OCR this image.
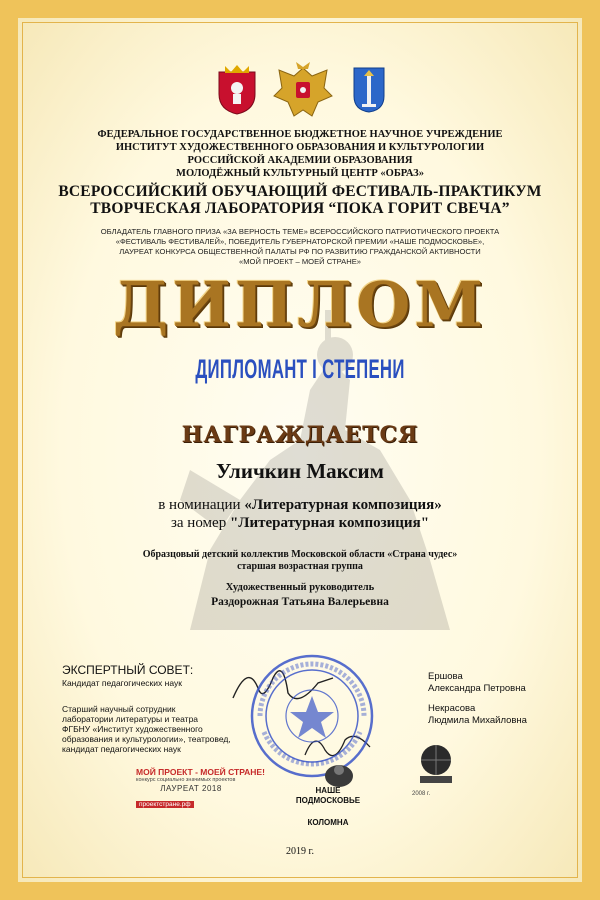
ФЕДЕРАЛЬНОЕ ГОСУДАРСТВЕННОЕ БЮДЖЕТНОЕ НАУЧНОЕ УЧРЕЖДЕНИЕ
ИНСТИТУТ ХУДОЖЕСТВЕННОГО ОБРАЗОВАНИЯ И КУЛЬТУРОЛОГИИ
РОССИЙСКОЙ АКАДЕМИИ ОБРАЗОВАНИЯ
МОЛОДЁЖНЫЙ КУЛЬТУРНЫЙ ЦЕНТР «ОБРАЗ»
ВСЕРОССИЙСКИЙ ОБУЧАЮЩИЙ ФЕСТИВАЛЬ-ПРАКТИКУМ
ТВОРЧЕСКАЯ ЛАБОРАТОРИЯ “ПОКА ГОРИТ СВЕЧА”
ОБЛАДАТЕЛЬ ГЛАВНОГО ПРИЗА «ЗА ВЕРНОСТЬ ТЕМЕ» ВСЕРОССИЙСКОГО ПАТРИОТИЧЕСКОГО ПРОЕКТА
«ФЕСТИВАЛЬ ФЕСТИВАЛЕЙ», ПОБЕДИТЕЛЬ ГУБЕРНАТОРСКОЙ ПРЕМИИ «НАШЕ ПОДМОСКОВЬЕ»,
ЛАУРЕАТ КОНКУРСА ОБЩЕСТВЕННОЙ ПАЛАТЫ РФ ПО РАЗВИТИЮ ГРАЖДАНСКОЙ АКТИВНОСТИ
«МОЙ ПРОЕКТ – МОЕЙ СТРАНЕ»
ДИПЛОМ
ДИПЛОМАНТ I СТЕПЕНИ
НАГРАЖДАЕТСЯ
Уличкин Максим
в номинации «Литературная композиция»
за номер "Литературная композиция"
Образцовый детский коллектив Московской области «Страна чудес»
старшая возрастная группа
Художественный руководитель
Раздорожная Татьяна Валерьевна
ЭКСПЕРТНЫЙ СОВЕТ:
Кандидат педагогических наук
Старший научный сотрудник
лаборатории литературы и театра
ФГБНУ «Институт художественного
образования и культурологии», театровед,
кандидат педагогических наук
Ершова
Александра Петровна
Некрасова
Людмила Михайловна
МОЙ ПРОЕКТ - МОЕЙ СТРАНЕ!
конкурс социально значимых проектов
ЛАУРЕАТ 2018
проектстране.рф
НАШЕ
ПОДМОСКОВЬЕ
КОЛОМНА
2008 г.
2019 г.
